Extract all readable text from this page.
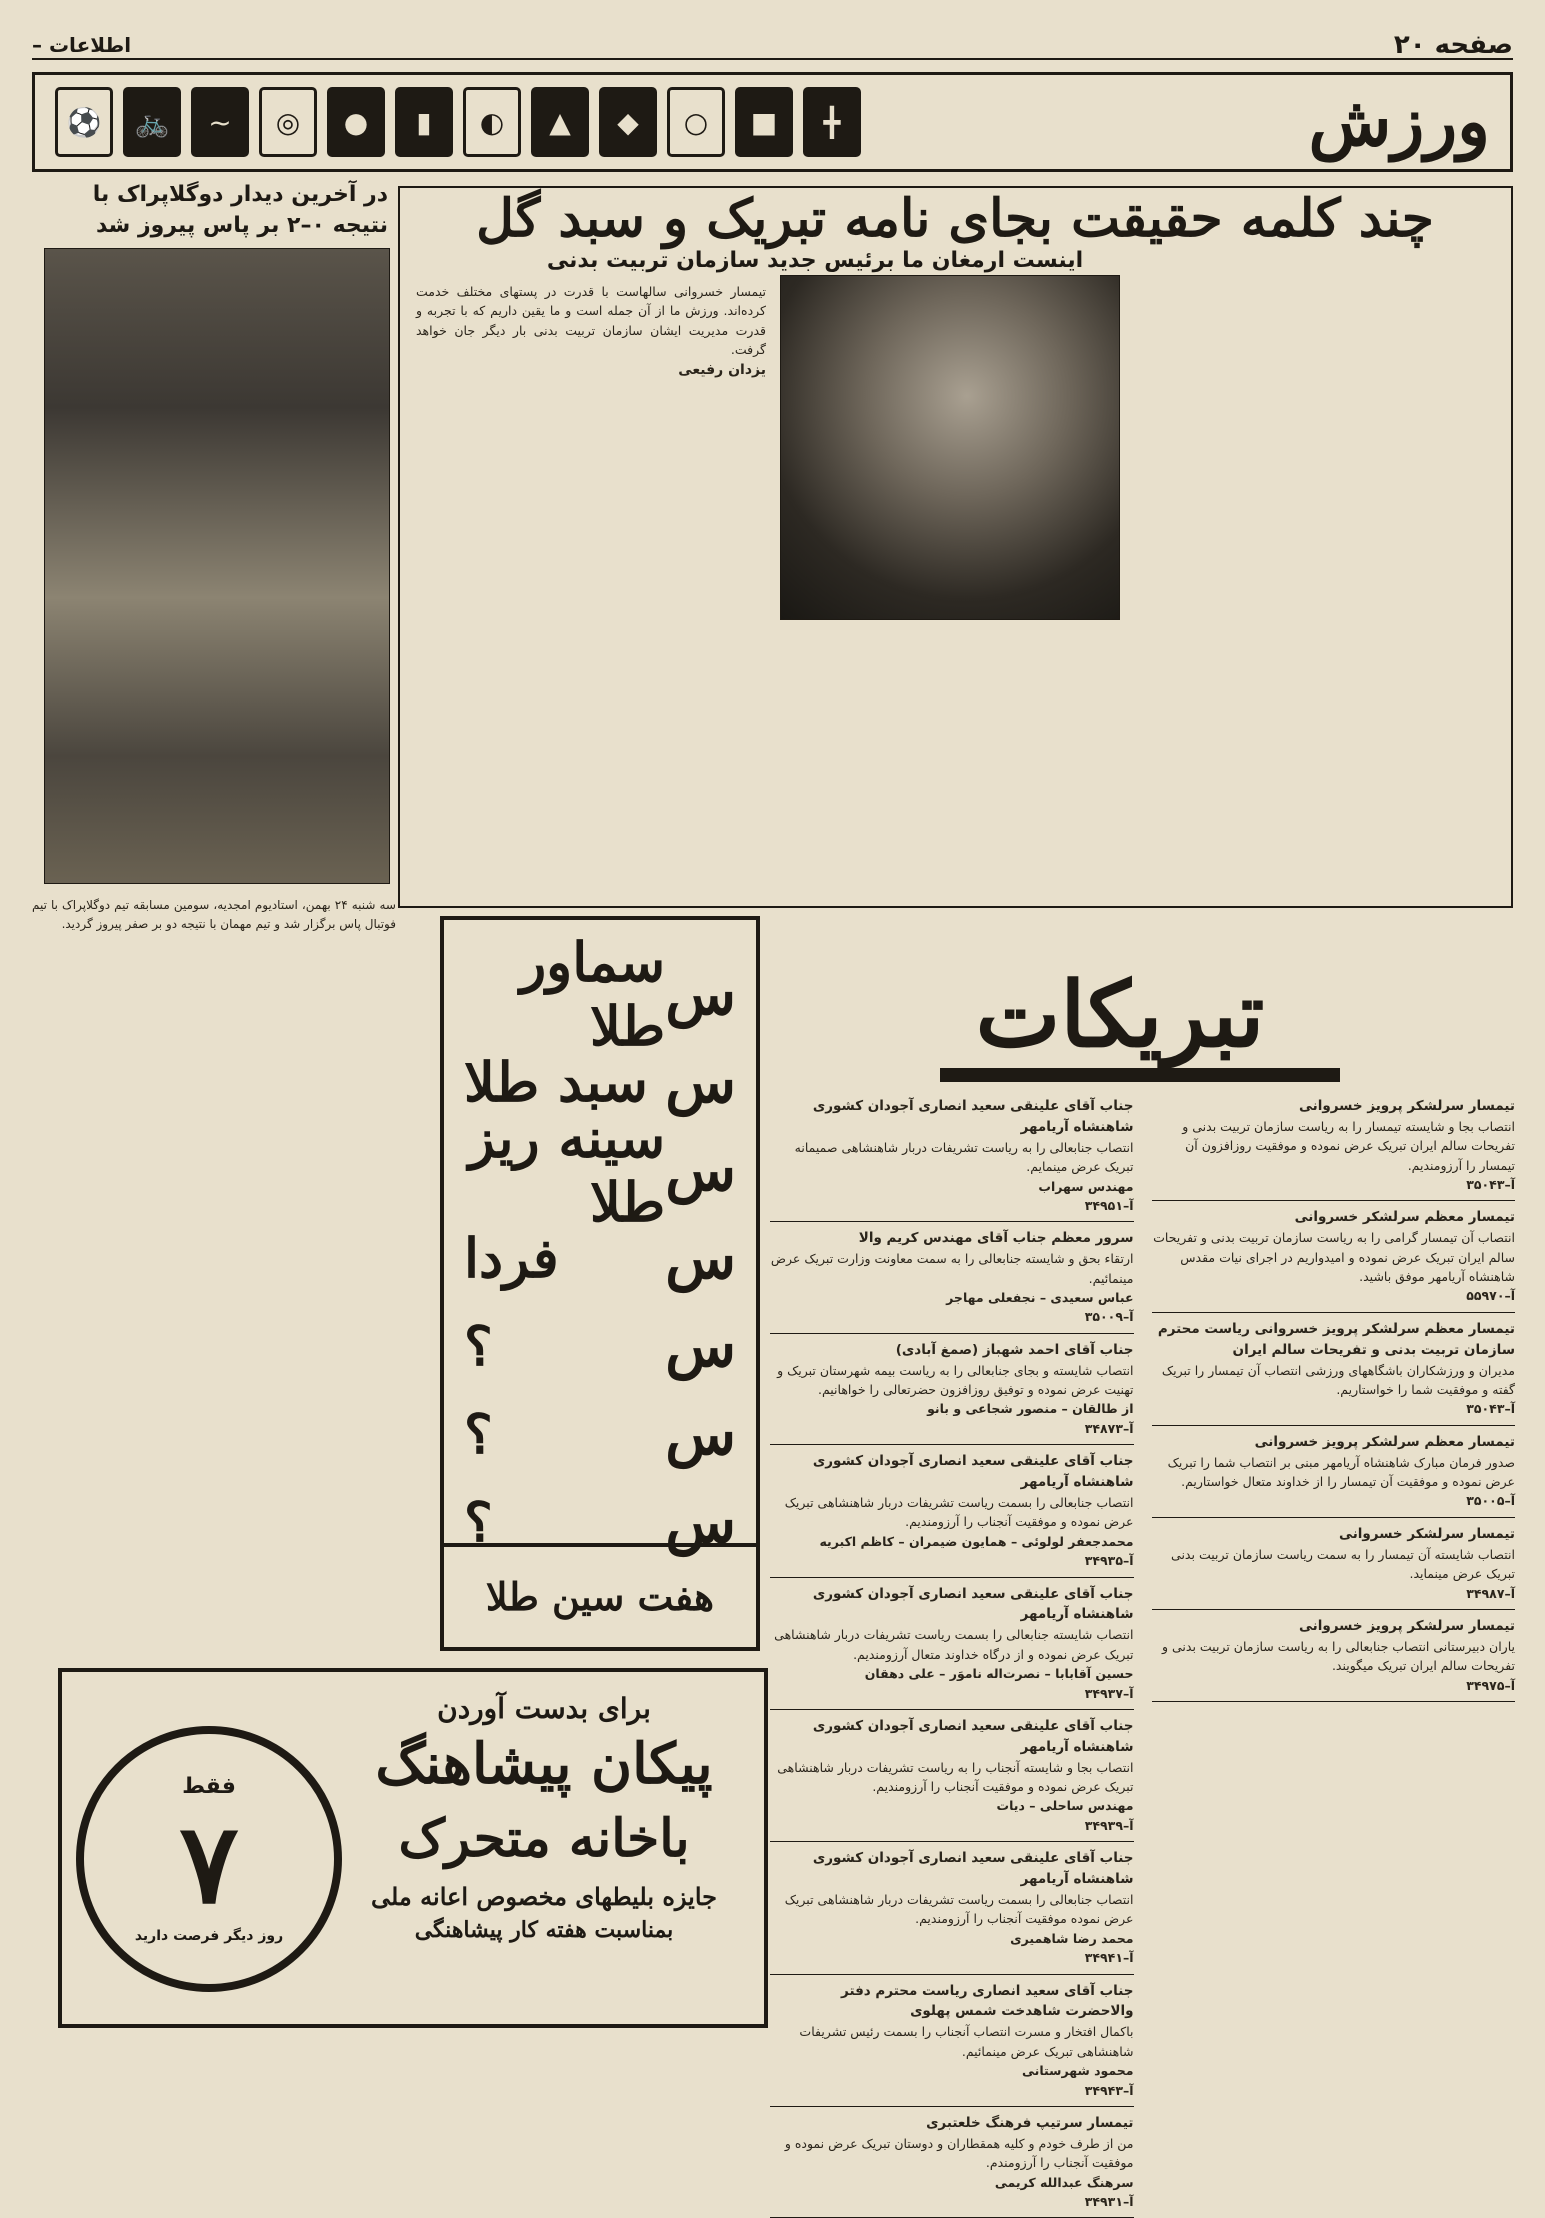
صفحه ۲۰
اطلاعات –
ورزش
⚽	🚲	~	◎	●	▮	◐	▲	◆	○	■	╋
در آخرین دیدار دوگلاپراک با نتیجه ۰–۲ بر پاس پیروز شد
سه شنبه ۲۴ بهمن، استادیوم امجدیه، سومین مسابقه تیم دوگلاپراک با تیم فوتبال پاس برگزار شد و تیم مهمان با نتیجه دو بر صفر پیروز گردید.
چند کلمه حقیقت بجای نامه تبریک و سبد گل
اینست ارمغان ما برئیس جدید سازمان تربیت بدنی
تیمسار خسروانی سالهاست با قدرت در پستهای مختلف خدمت کرده‌اند. ورزش ما از آن جمله است و ما یقین داریم که با تجربه و قدرت مدیریت ایشان سازمان تربیت بدنی بار دیگر جان خواهد گرفت.
یزدان رفیعی
س
سماور طلا
س
سبد طلا
س
سینه ریز طلا
س
فردا
س
؟
س
؟
س
؟
هفت سین طلا
فقط
۷
روز دیگر فرصت دارید
برای بدست آوردن
پیکان پیشاهنگ
باخانه متحرک
جایزه بلیطهای مخصوص اعانه ملی
بمناسبت هفته کار پیشاهنگی
تبریکات
تیمسار سرلشکر پرویز خسروانی
انتصاب بجا و شایسته تیمسار را به ریاست سازمان تربیت بدنی و تفریحات سالم ایران تبریک عرض نموده و موفقیت روزافزون آن تیمسار را آرزومندیم.
آ–۳۵۰۴۳
تیمسار معظم سرلشکر خسروانی
انتصاب آن تیمسار گرامی را به ریاست سازمان تربیت بدنی و تفریحات سالم ایران تبریک عرض نموده و امیدواریم در اجرای نیات مقدس شاهنشاه آریامهر موفق باشید.
آ–۵۵۹۷۰
تیمسار معظم سرلشکر پرویز خسروانی ریاست محترم سازمان تربیت بدنی و تفریحات سالم ایران
مدیران و ورزشکاران باشگاههای ورزشی انتصاب آن تیمسار را تبریک گفته و موفقیت شما را خواستاریم.
آ–۳۵۰۴۳
تیمسار معظم سرلشکر پرویز خسروانی
صدور فرمان مبارک شاهنشاه آریامهر مبنی بر انتصاب شما را تبریک عرض نموده و موفقیت آن تیمسار را از خداوند متعال خواستاریم.
آ–۳۵۰۰۵
تیمسار سرلشکر خسروانی
انتصاب شایسته آن تیمسار را به سمت ریاست سازمان تربیت بدنی تبریک عرض مینماید.
آ–۳۴۹۸۷
تیمسار سرلشکر پرویز خسروانی
یاران دبیرستانی انتصاب جنابعالی را به ریاست سازمان تربیت بدنی و تفریحات سالم ایران تبریک میگویند.
آ–۳۴۹۷۵
جناب آقای علینقی سعید انصاری آجودان کشوری شاهنشاه آریامهر
انتصاب جنابعالی را به ریاست تشریفات دربار شاهنشاهی صمیمانه تبریک عرض مینمایم.
مهندس سهراب
آ–۳۴۹۵۱
سرور معظم جناب آقای مهندس کریم والا
ارتقاء بحق و شایسته جنابعالی را به سمت معاونت وزارت تبریک عرض مینمائیم.
عباس سعیدی – نجفعلی مهاجر
آ–۳۵۰۰۹
جناب آقای احمد شهباز (صمغ آبادی)
انتصاب شایسته و بجای جنابعالی را به ریاست بیمه شهرستان تبریک و تهنیت عرض نموده و توفیق روزافزون حضرتعالی را خواهانیم.
از طالقان – منصور شجاعی و بانو
آ–۳۴۸۷۳
جناب آقای علینقی سعید انصاری آجودان کشوری شاهنشاه آریامهر
انتصاب جنابعالی را بسمت ریاست تشریفات دربار شاهنشاهی تبریک عرض نموده و موفقیت آنجناب را آرزومندیم.
محمدجعفر لولوئی – همایون ضیمران – کاظم اکبریه
آ–۳۴۹۳۵
جناب آقای علینقی سعید انصاری آجودان کشوری شاهنشاه آریامهر
انتصاب شایسته جنابعالی را بسمت ریاست تشریفات دربار شاهنشاهی تبریک عرض نموده و از درگاه خداوند متعال آرزومندیم.
حسین آقابابا – نصرت‌اله ناموَر – علی دهقان
آ–۳۴۹۳۷
جناب آقای علینقی سعید انصاری آجودان کشوری شاهنشاه آریامهر
انتصاب بجا و شایسته آنجناب را به ریاست تشریفات دربار شاهنشاهی تبریک عرض نموده و موفقیت آنجناب را آرزومندیم.
مهندس ساحلی – دیات
آ–۳۴۹۳۹
جناب آقای علینقی سعید انصاری آجودان کشوری شاهنشاه آریامهر
انتصاب جنابعالی را بسمت ریاست تشریفات دربار شاهنشاهی تبریک عرض نموده موفقیت آنجناب را آرزومندیم.
محمد رضا شاهمیری
آ–۳۴۹۴۱
جناب آقای سعید انصاری ریاست محترم دفتر والاحضرت شاهدخت شمس پهلوی
باکمال افتخار و مسرت انتصاب آنجناب را بسمت رئیس تشریفات شاهنشاهی تبریک عرض مینمائیم.
محمود شهرستانی
آ–۳۴۹۴۳
تیمسار سرتیپ فرهنگ خلعتبری
من از طرف خودم و کلیه همقطاران و دوستان تبریک عرض نموده و موفقیت آنجناب را آرزومندم.
سرهنگ عبدالله کریمی
آ–۳۴۹۳۱
